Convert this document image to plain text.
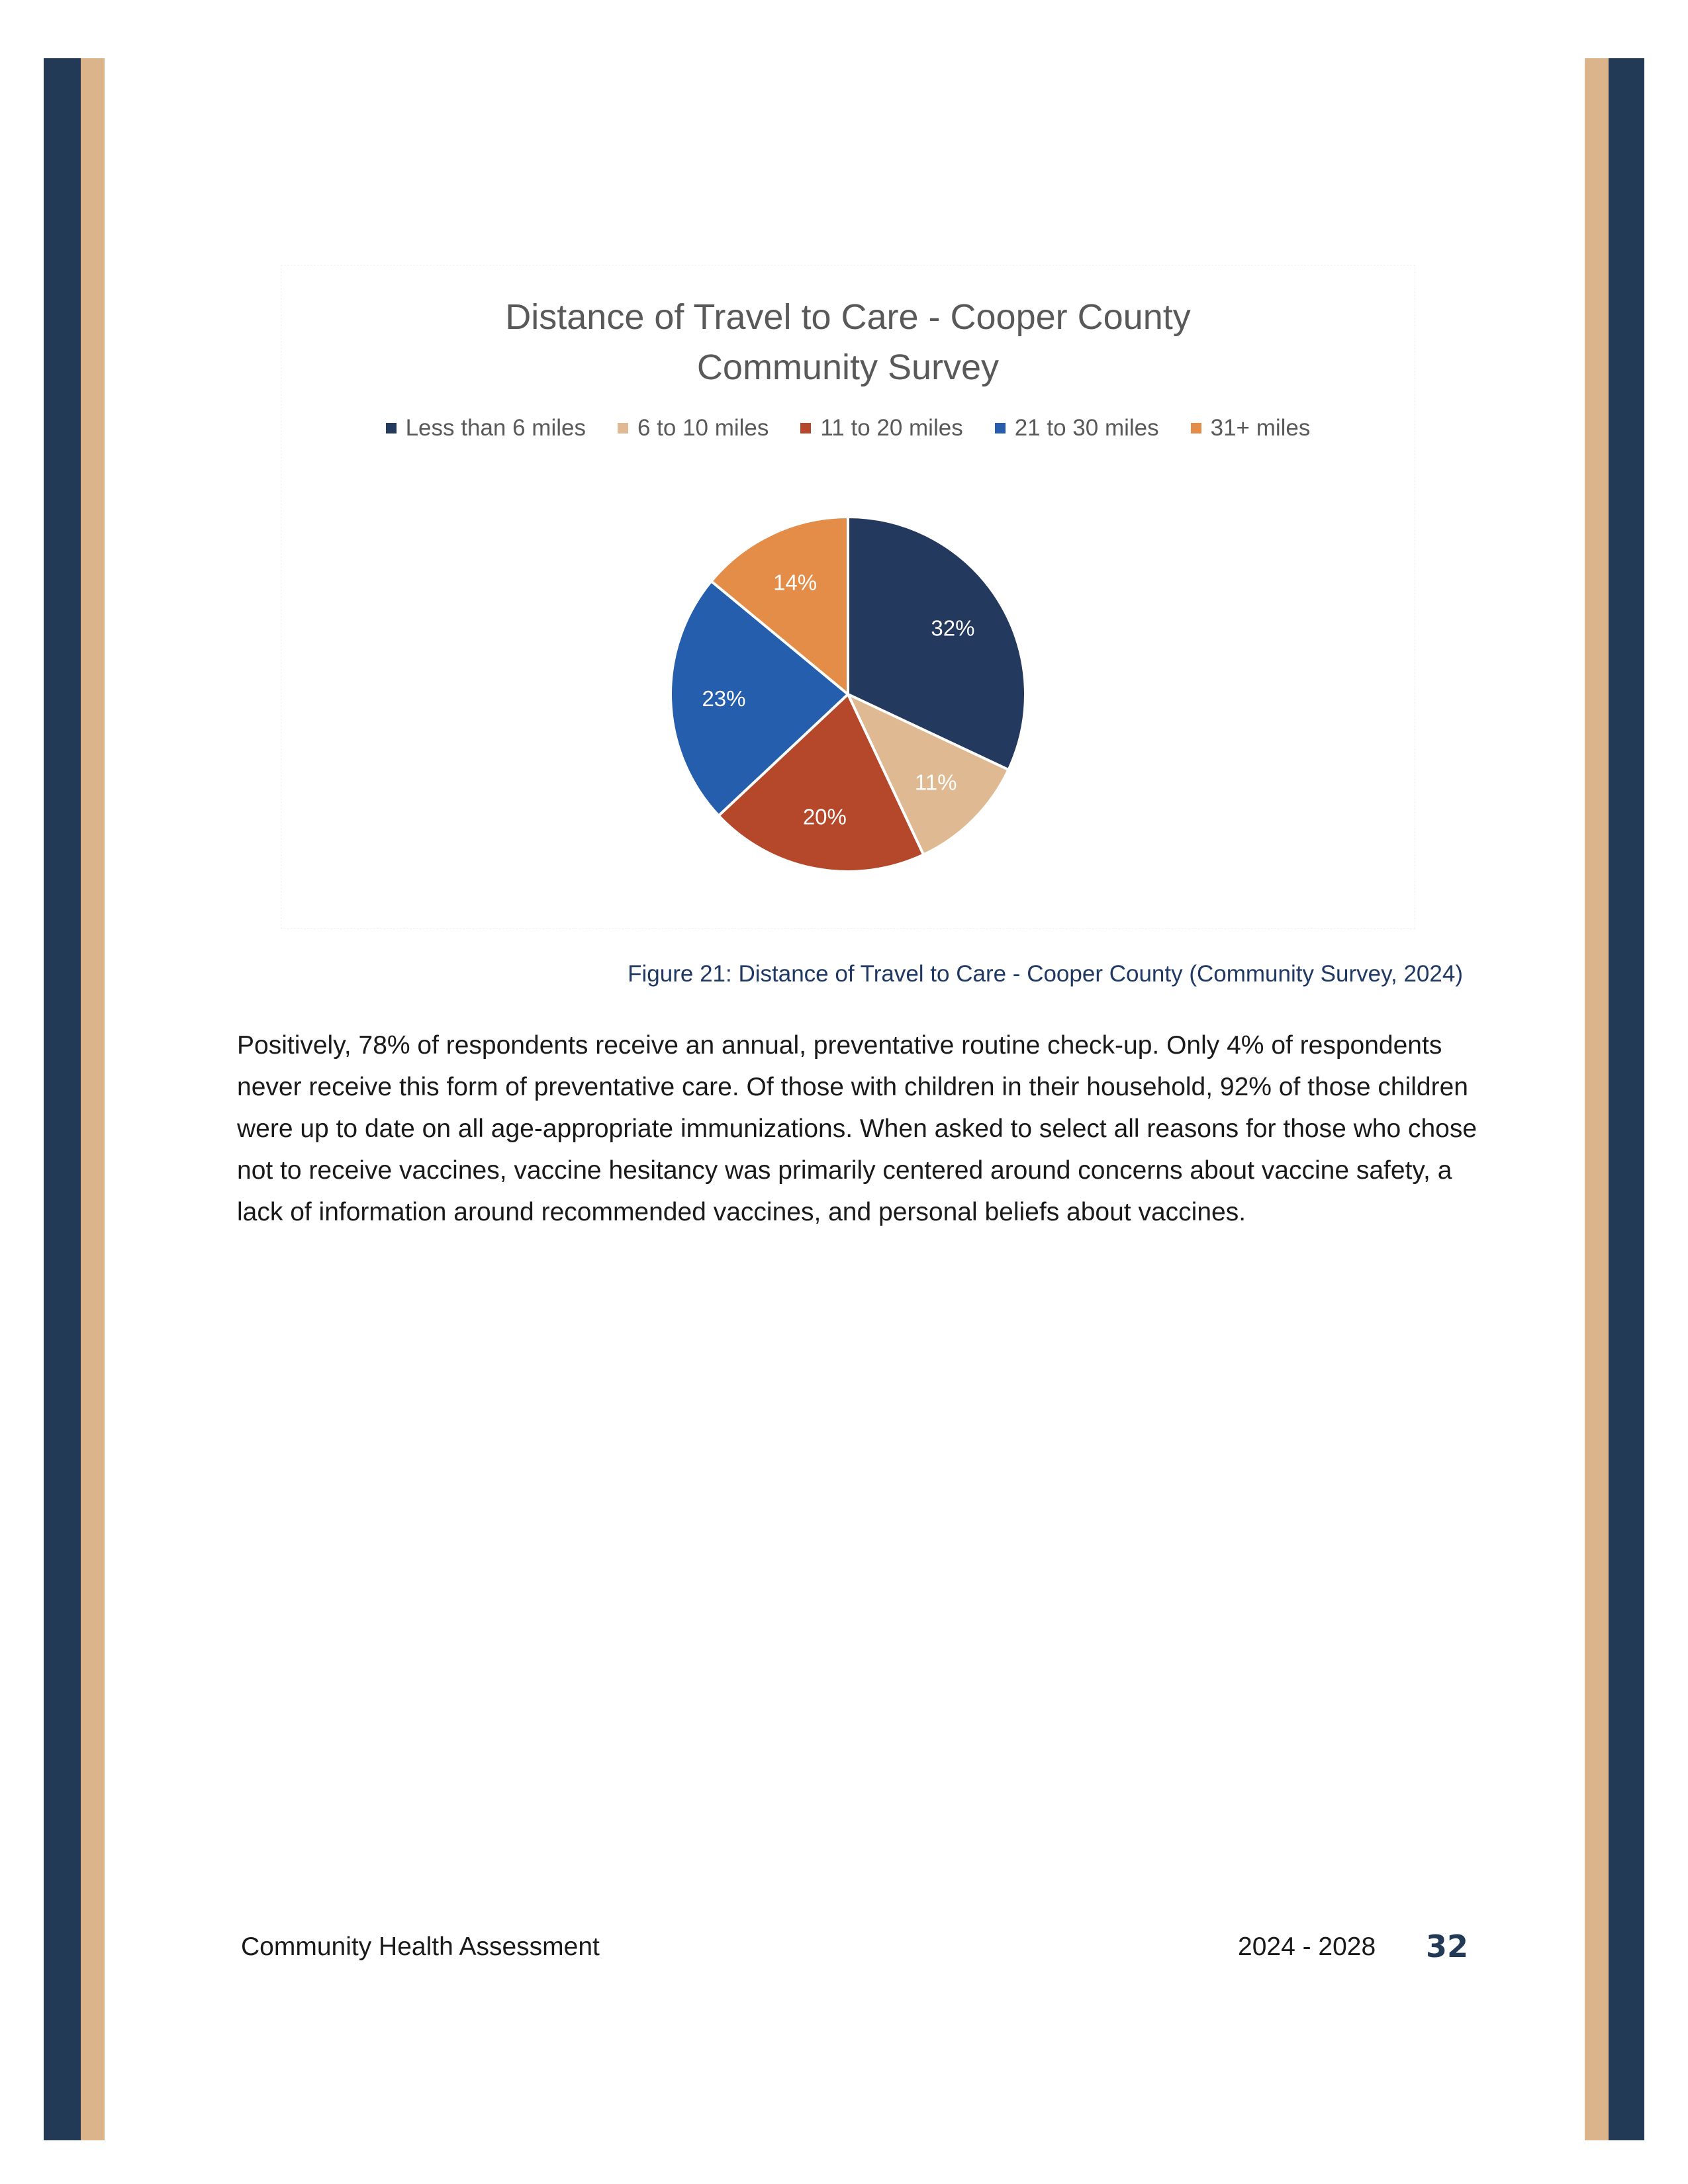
Distance of Travel to Care - Cooper County
Community Survey
Less than 6 miles 6 to 10 miles 11 to 20 miles 21 to 30 miles 31+ miles
32%
11%
20%
23%
14%
Figure 21: Distance of Travel to Care - Cooper County (Community Survey, 2024)
Positively, 78% of respondents receive an annual, preventative routine check-up. Only 4% of respondents never receive this form of preventative care. Of those with children in their household, 92% of those children were up to date on all age-appropriate immunizations. When asked to select all reasons for those who chose not to receive vaccines, vaccine hesitancy was primarily centered around concerns about vaccine safety, a lack of information around recommended vaccines, and personal beliefs about vaccines.
Community Health Assessment	2024 - 2028 32
